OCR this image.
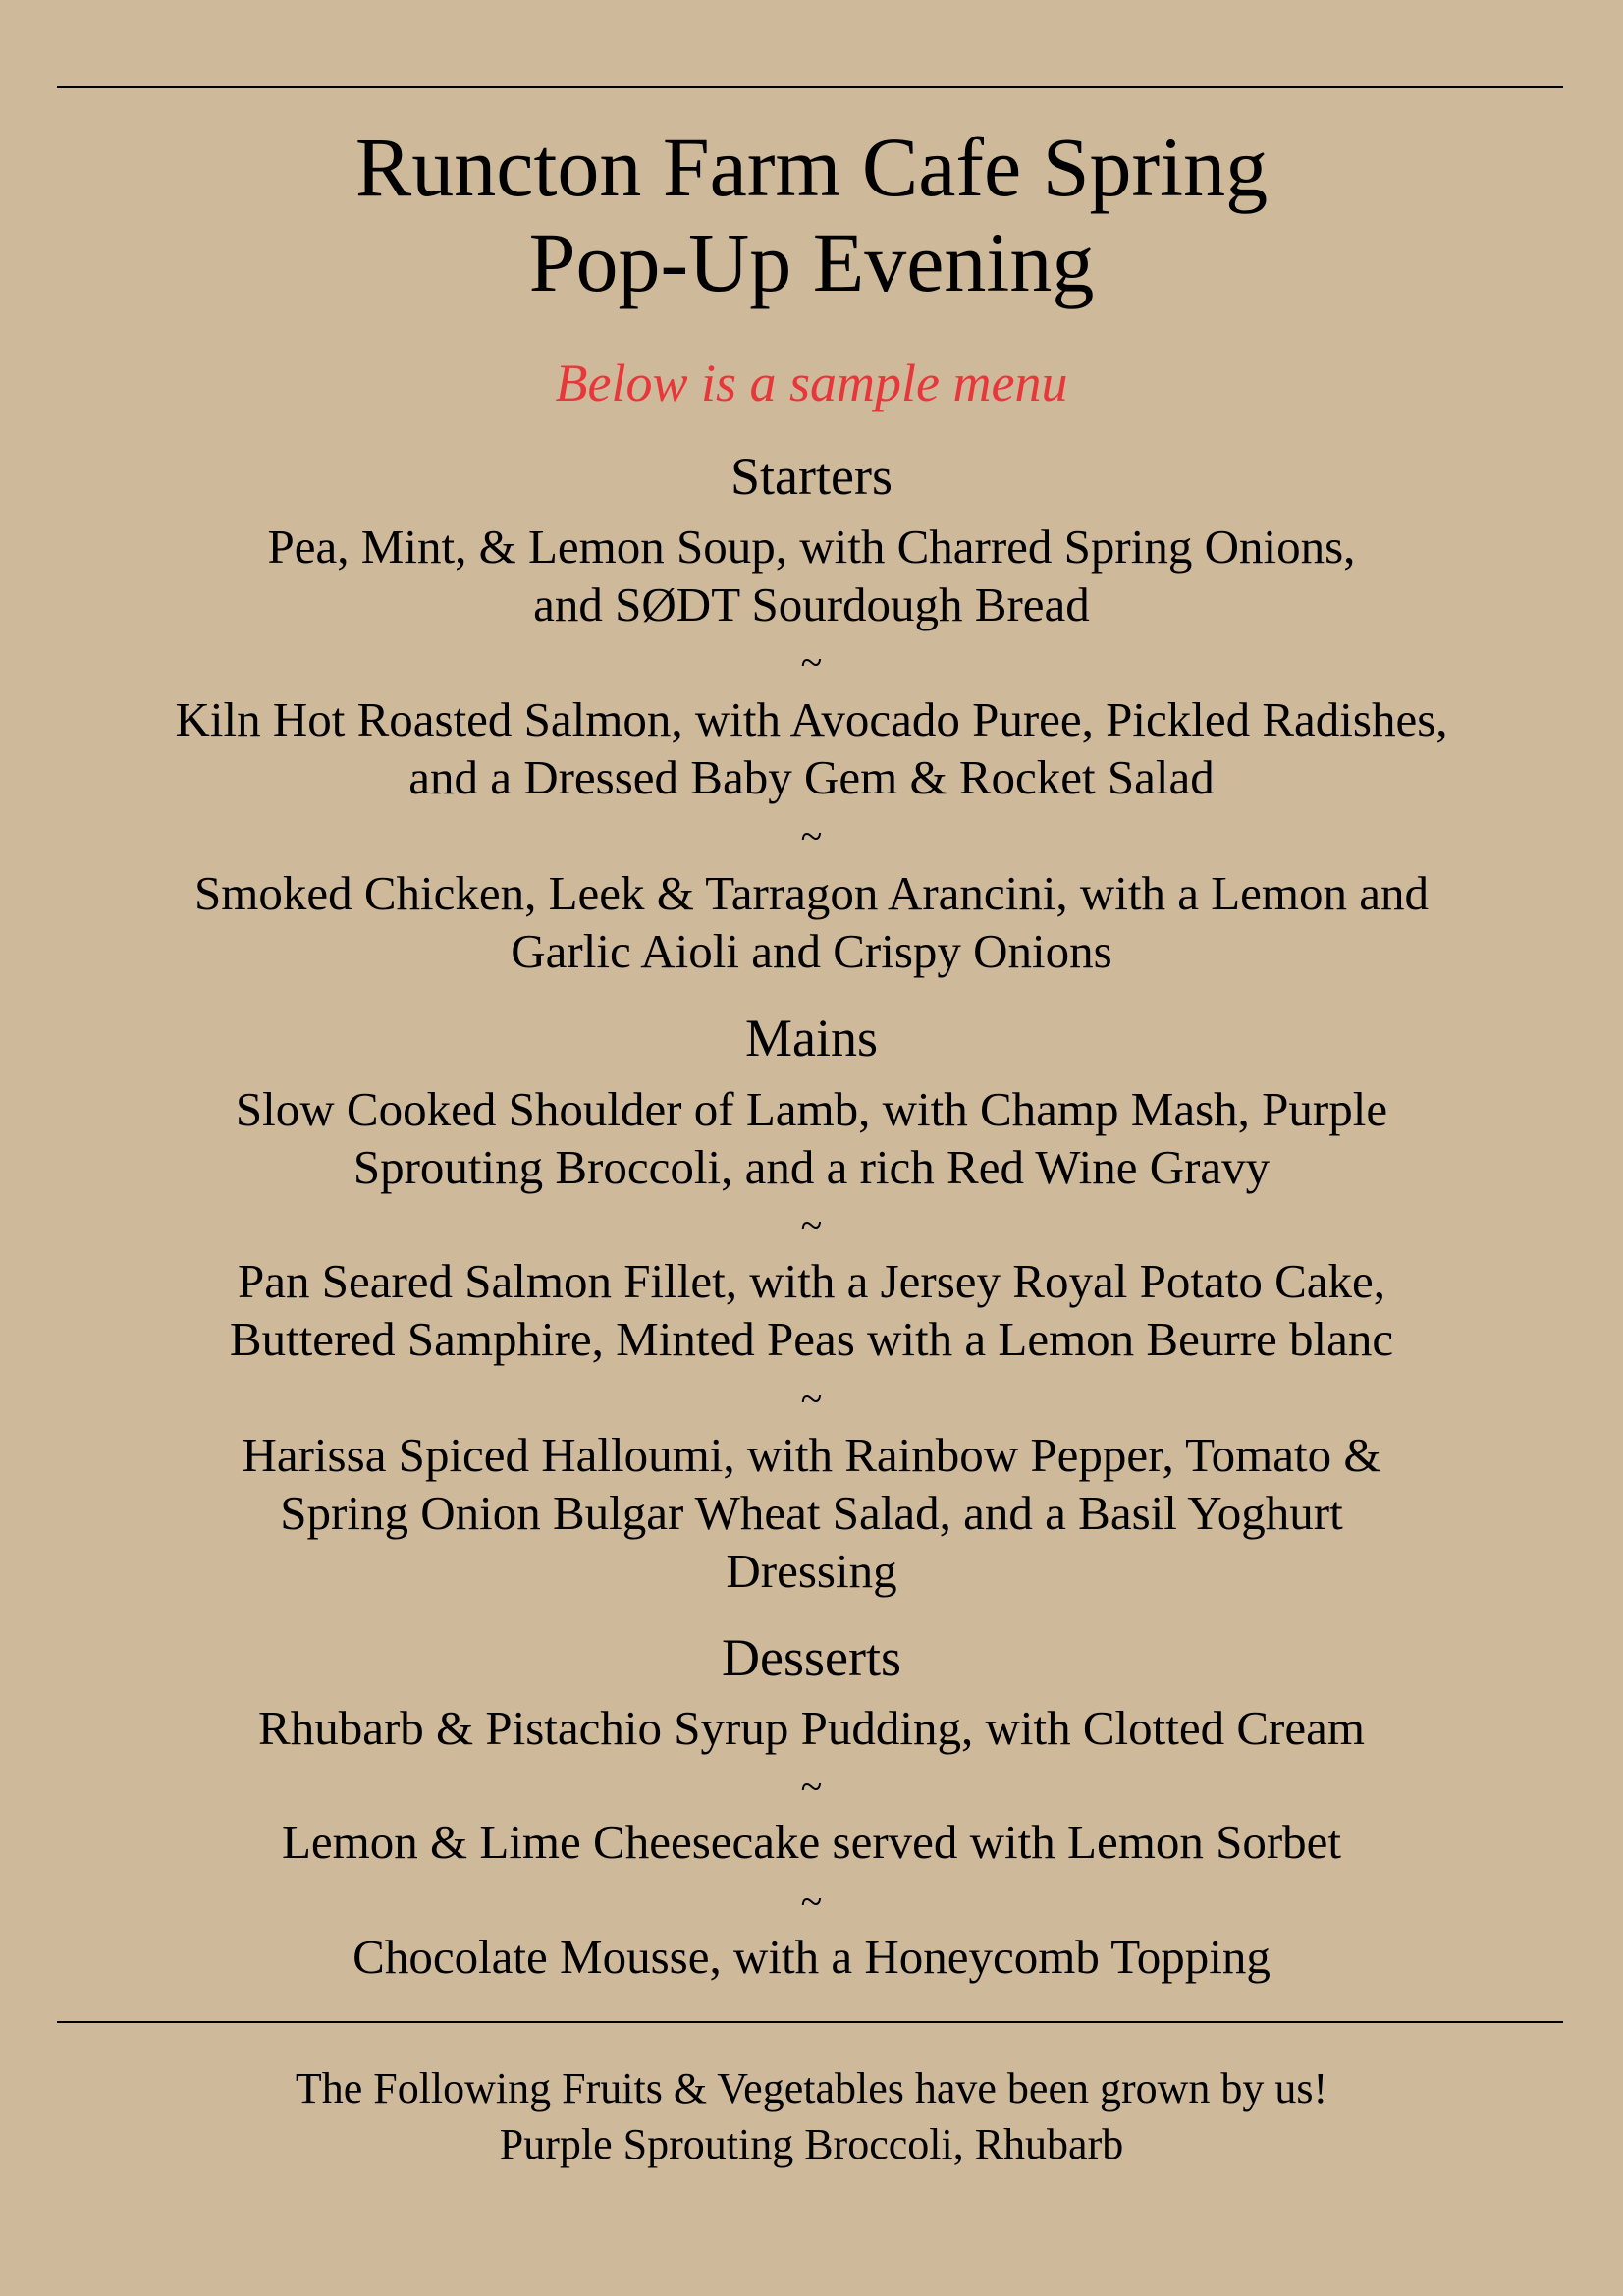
Runcton Farm Cafe Spring
Pop-Up Evening
Below is a sample menu
Starters
Pea, Mint, & Lemon Soup, with Charred Spring Onions,
and SØDT Sourdough Bread
~
Kiln Hot Roasted Salmon, with Avocado Puree, Pickled Radishes,
and a Dressed Baby Gem & Rocket Salad
~
Smoked Chicken, Leek & Tarragon Arancini, with a Lemon and
Garlic Aioli and Crispy Onions
Mains
Slow Cooked Shoulder of Lamb, with Champ Mash, Purple
Sprouting Broccoli, and a rich Red Wine Gravy
~
Pan Seared Salmon Fillet, with a Jersey Royal Potato Cake,
Buttered Samphire, Minted Peas with a Lemon Beurre blanc
~
Harissa Spiced Halloumi, with Rainbow Pepper, Tomato &
Spring Onion Bulgar Wheat Salad, and a Basil Yoghurt
Dressing
Desserts
Rhubarb & Pistachio Syrup Pudding, with Clotted Cream
~
Lemon & Lime Cheesecake served with Lemon Sorbet
~
Chocolate Mousse, with a Honeycomb Topping
The Following Fruits & Vegetables have been grown by us!
Purple Sprouting Broccoli, Rhubarb
